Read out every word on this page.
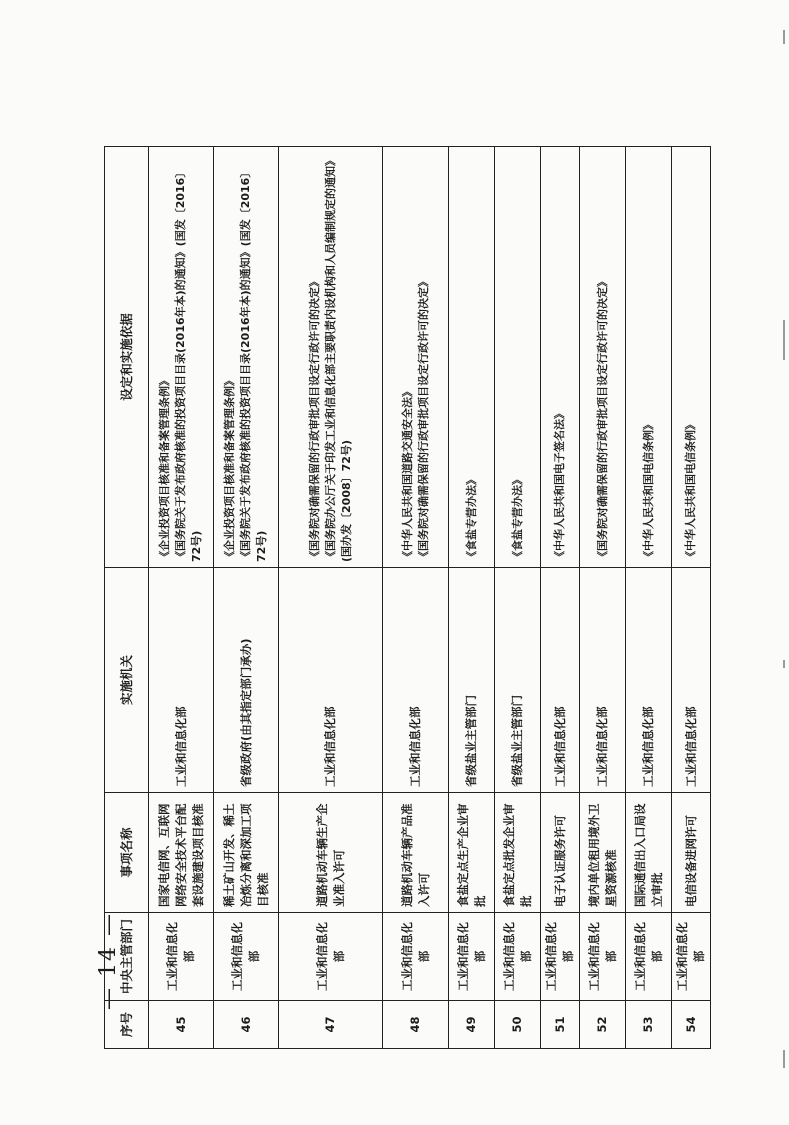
— 14 —
序号	中央主管部门	事项名称	实施机关	设定和实施依据
45	工业和信息化部	国家电信网、互联网网络安全技术平台配套设施建设项目核准	工业和信息化部	《企业投资项目核准和备案管理条例》
《国务院关于发布政府核准的投资项目目录(2016年本)的通知》(国发〔2016〕72号)
46	工业和信息化部	稀土矿山开发、稀土冶炼分离和深加工项目核准	省级政府(由其指定部门承办)	《企业投资项目核准和备案管理条例》
《国务院关于发布政府核准的投资项目目录(2016年本)的通知》(国发〔2016〕72号)
47	工业和信息化部	道路机动车辆生产企业准入许可	工业和信息化部	《国务院对确需保留的行政审批项目设定行政许可的决定》
《国务院办公厅关于印发工业和信息化部主要职责内设机构和人员编制规定的通知》(国办发〔2008〕72号)
48	工业和信息化部	道路机动车辆产品准入许可	工业和信息化部	《中华人民共和国道路交通安全法》
《国务院对确需保留的行政审批项目设定行政许可的决定》
49	工业和信息化部	食盐定点生产企业审批	省级盐业主管部门	《食盐专营办法》
50	工业和信息化部	食盐定点批发企业审批	省级盐业主管部门	《食盐专营办法》
51	工业和信息化部	电子认证服务许可	工业和信息化部	《中华人民共和国电子签名法》
52	工业和信息化部	境内单位租用境外卫星资源核准	工业和信息化部	《国务院对确需保留的行政审批项目设定行政许可的决定》
53	工业和信息化部	国际通信出入口局设立审批	工业和信息化部	《中华人民共和国电信条例》
54	工业和信息化部	电信设备进网许可	工业和信息化部	《中华人民共和国电信条例》
